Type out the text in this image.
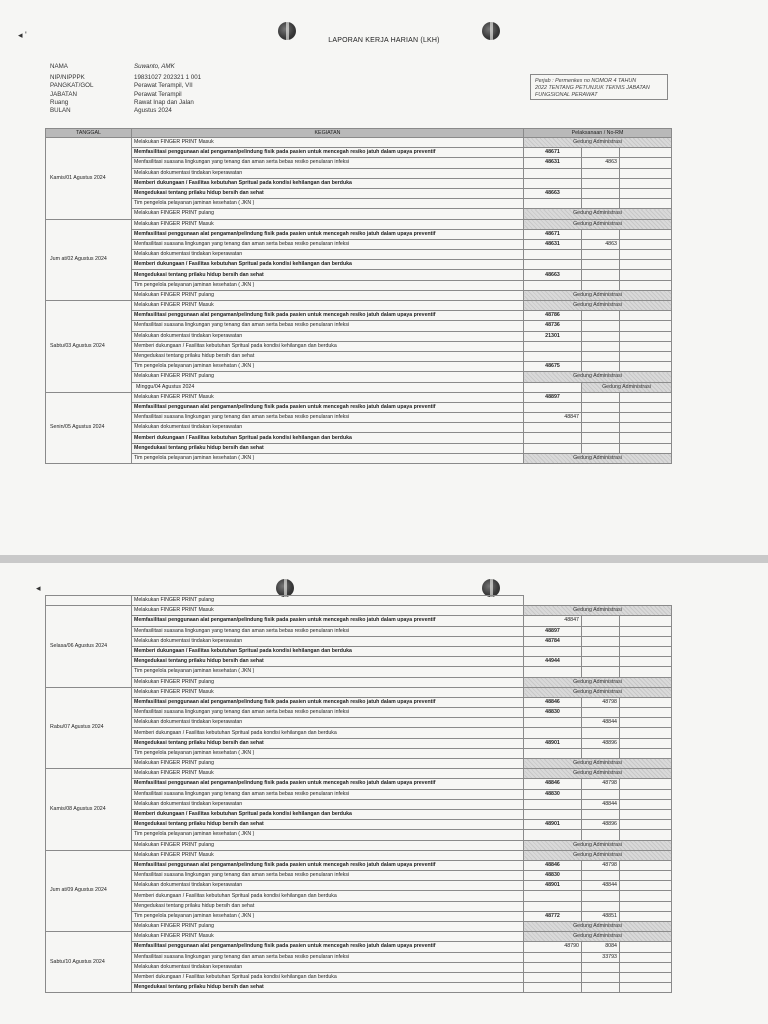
◂ '
LAPORAN KERJA HARIAN (LKH)
NAMA	Suwanto, AMK
NIP/NIPPPK	19831027 202321 1 001
PANGKAT/GOL	Perawat Terampil, VII
JABATAN	Perawat Terampil
Ruang	Rawat Inap dan Jalan
BULAN	Agustus 2024
Perjab : Permenkes no NOMOR 4 TAHUN
2022 TENTANG PETUNJUK TEKNIS JABATAN
FUNGSIONAL PERAWAT
TANGGAL	KEGIATAN	Pelaksanaan / No-RM		
Kamis/01 Agustus 2024	Melakukan FINGER PRINT Masuk	Gedung Administrasi		
	Memfasilitasi penggunaan alat pengaman/pelindung fisik pada pasien untuk mencegah resiko jatuh dalam upaya preventif	48671		
	Menfasilitasi suasana lingkungan yang tenang dan aman serta bebas resiko penularan infeksi	48631	4863	
	Melakukan dokumentasi tindakan keperawatan			
	Memberi dukungaan / Fasilitas kebutuhan Spritual pada kondisi kehilangan dan berduka			
	Mengedukasi tentang prilaku hidup bersih dan sehat	48663		
	Tim pengelola pelayanan jaminan kesehatan ( JKN )			
	Melakukan FINGER PRINT pulang	Gedung Administrasi		
Jum at/02 Agustus 2024	Melakukan FINGER PRINT Masuk	Gedung Administrasi		
	Memfasilitasi penggunaan alat pengaman/pelindung fisik pada pasien untuk mencegah resiko jatuh dalam upaya preventif	48671		
	Menfasilitasi suasana lingkungan yang tenang dan aman serta bebas resiko penularan infeksi	48631	4863	
	Melakukan dokumentasi tindakan keperawatan			
	Memberi dukungaan / Fasilitas kebutuhan Spritual pada kondisi kehilangan dan berduka			
	Mengedukasi tentang prilaku hidup bersih dan sehat	48663		
	Tim pengelola pelayanan jaminan kesehatan ( JKN )			
	Melakukan FINGER PRINT pulang	Gedung Administrasi		
Sabtu/03 Agustus 2024	Melakukan FINGER PRINT Masuk	Gedung Administrasi		
	Memfasilitasi penggunaan alat pengaman/pelindung fisik pada pasien untuk mencegah resiko jatuh dalam upaya preventif	48786		
	Menfasilitasi suasana lingkungan yang tenang dan aman serta bebas resiko penularan infeksi	48736		
	Melakukan dokumentasi tindakan keperawatan	21301		
	Memberi dukungaan / Fasilitas kebutuhan Spritual pada kondisi kehilangan dan berduka			
	Mengedukasi tentang prilaku hidup bersih dan sehat			
	Tim pengelola pelayanan jaminan kesehatan ( JKN )	48675		
	Melakukan FINGER PRINT pulang	Gedung Administrasi		
	Minggu/04 Agustus 2024		Gedung Administrasi	
Senin/05 Agustus 2024	Melakukan FINGER PRINT Masuk	48897		
	Memfasilitasi penggunaan alat pengaman/pelindung fisik pada pasien untuk mencegah resiko jatuh dalam upaya preventif			
	Menfasilitasi suasana lingkungan yang tenang dan aman serta bebas resiko penularan infeksi	48847		
	Melakukan dokumentasi tindakan keperawatan			
	Memberi dukungaan / Fasilitas kebutuhan Spritual pada kondisi kehilangan dan berduka			
	Mengedukasi tentang prilaku hidup bersih dan sehat			
	Tim pengelola pelayanan jaminan kesehatan ( JKN )	Gedung Administrasi		
◂
	Melakukan FINGER PRINT pulang			
Selasa/06 Agustus 2024	Melakukan FINGER PRINT Masuk	Gedung Administrasi		
	Memfasilitasi penggunaan alat pengaman/pelindung fisik pada pasien untuk mencegah resiko jatuh dalam upaya preventif	48847		
	Menfasilitasi suasana lingkungan yang tenang dan aman serta bebas resiko penularan infeksi	48897		
	Melakukan dokumentasi tindakan keperawatan	48784		
	Memberi dukungaan / Fasilitas kebutuhan Spritual pada kondisi kehilangan dan berduka			
	Mengedukasi tentang prilaku hidup bersih dan sehat	44944		
	Tim pengelola pelayanan jaminan kesehatan ( JKN )			
	Melakukan FINGER PRINT pulang	Gedung Administrasi		
Rabu/07 Agustus 2024	Melakukan FINGER PRINT Masuk	Gedung Administrasi		
	Memfasilitasi penggunaan alat pengaman/pelindung fisik pada pasien untuk mencegah resiko jatuh dalam upaya preventif	48846	48798	
	Menfasilitasi suasana lingkungan yang tenang dan aman serta bebas resiko penularan infeksi	48830		
	Melakukan dokumentasi tindakan keperawatan		48844	
	Memberi dukungaan / Fasilitas kebutuhan Spritual pada kondisi kehilangan dan berduka			
	Mengedukasi tentang prilaku hidup bersih dan sehat	48901	48896	
	Tim pengelola pelayanan jaminan kesehatan ( JKN )			
	Melakukan FINGER PRINT pulang	Gedung Administrasi		
Kamis/08 Agustus 2024	Melakukan FINGER PRINT Masuk	Gedung Administrasi		
	Memfasilitasi penggunaan alat pengaman/pelindung fisik pada pasien untuk mencegah resiko jatuh dalam upaya preventif	48846	48798	
	Menfasilitasi suasana lingkungan yang tenang dan aman serta bebas resiko penularan infeksi	48830		
	Melakukan dokumentasi tindakan keperawatan		48844	
	Memberi dukungaan / Fasilitas kebutuhan Spritual pada kondisi kehilangan dan berduka			
	Mengedukasi tentang prilaku hidup bersih dan sehat	48901	48896	
	Tim pengelola pelayanan jaminan kesehatan ( JKN )			
	Melakukan FINGER PRINT pulang	Gedung Administrasi		
Jum at/09 Agustus 2024	Melakukan FINGER PRINT Masuk	Gedung Administrasi		
	Memfasilitasi penggunaan alat pengaman/pelindung fisik pada pasien untuk mencegah resiko jatuh dalam upaya preventif	48846	48798	
	Menfasilitasi suasana lingkungan yang tenang dan aman serta bebas resiko penularan infeksi	48830		
	Melakukan dokumentasi tindakan keperawatan	48901	48844	
	Memberi dukungaan / Fasilitas kebutuhan Spritual pada kondisi kehilangan dan berduka			
	Mengedukasi tentang prilaku hidup bersih dan sehat			
	Tim pengelola pelayanan jaminan kesehatan ( JKN )	48772	48851	
	Melakukan FINGER PRINT pulang	Gedung Administrasi		
Sabtu/10 Agustus 2024	Melakukan FINGER PRINT Masuk	Gedung Administrasi		
	Memfasilitasi penggunaan alat pengaman/pelindung fisik pada pasien untuk mencegah resiko jatuh dalam upaya preventif	48790	8084	
	Menfasilitasi suasana lingkungan yang tenang dan aman serta bebas resiko penularan infeksi		33793	
	Melakukan dokumentasi tindakan keperawatan			
	Memberi dukungaan / Fasilitas kebutuhan Spritual pada kondisi kehilangan dan berduka			
	Mengedukasi tentang prilaku hidup bersih dan sehat			
